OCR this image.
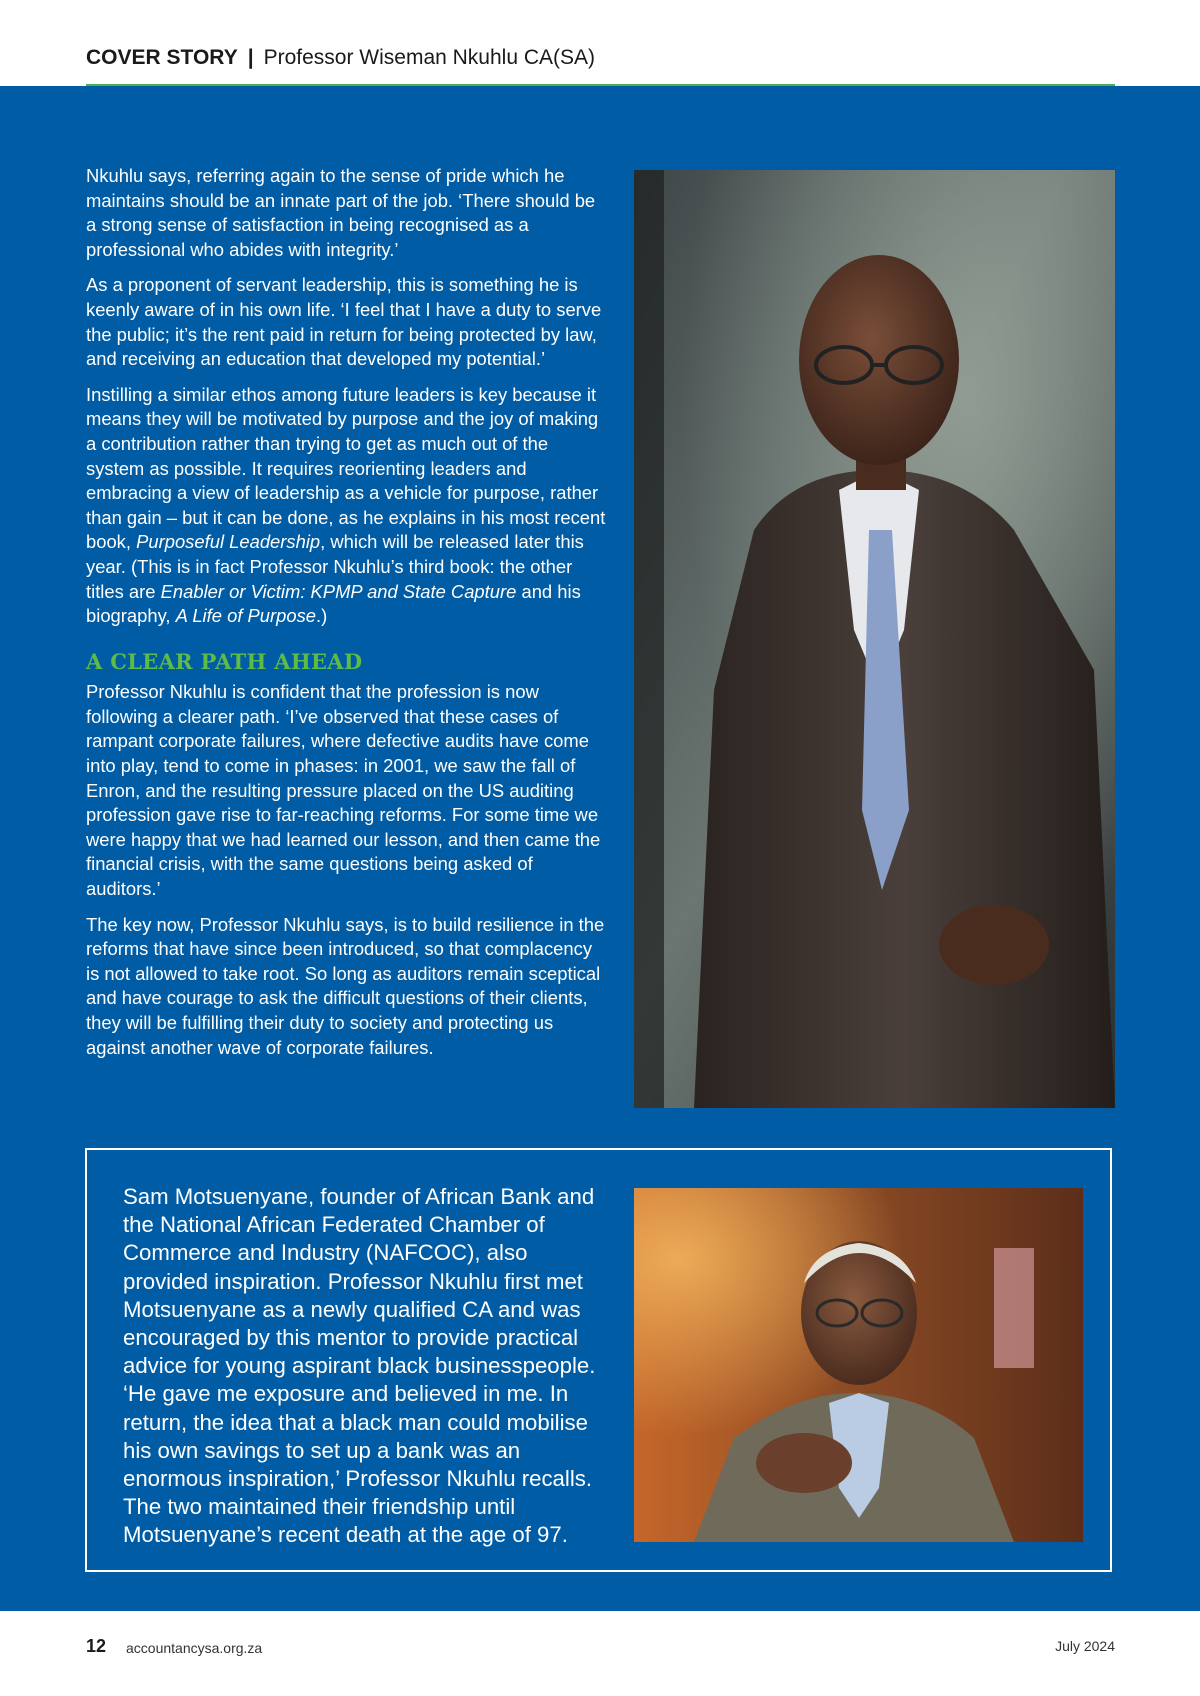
COVER STORY | Professor Wiseman Nkuhlu CA(SA)

Nkuhlu says, referring again to the sense of pride which he maintains should be an innate part of the job. ‘There should be a strong sense of satisfaction in being recognised as a professional who abides with integrity.’

As a proponent of servant leadership, this is something he is keenly aware of in his own life. ‘I feel that I have a duty to serve the public; it’s the rent paid in return for being protected by law, and receiving an education that developed my potential.’

Instilling a similar ethos among future leaders is key because it means they will be motivated by purpose and the joy of making a contribution rather than trying to get as much out of the system as possible. It requires reorienting leaders and embracing a view of leadership as a vehicle for purpose, rather than gain – but it can be done, as he explains in his most recent book, Purposeful Leadership, which will be released later this year. (This is in fact Professor Nkuhlu’s third book: the other titles are Enabler or Victim: KPMP and State Capture and his biography, A Life of Purpose.)

A CLEAR PATH AHEAD

Professor Nkuhlu is confident that the profession is now following a clearer path. ‘I’ve observed that these cases of rampant corporate failures, where defective audits have come into play, tend to come in phases: in 2001, we saw the fall of Enron, and the resulting pressure placed on the US auditing profession gave rise to far-reaching reforms. For some time we were happy that we had learned our lesson, and then came the financial crisis, with the same questions being asked of auditors.’

The key now, Professor Nkuhlu says, is to build resilience in the reforms that have since been introduced, so that complacency is not allowed to take root. So long as auditors remain sceptical and have courage to ask the difficult questions of their clients, they will be fulfilling their duty to society and protecting us against another wave of corporate failures.

Sam Motsuenyane, founder of African Bank and the National African Federated Chamber of Commerce and Industry (NAFCOC), also provided inspiration. Professor Nkuhlu first met Motsuenyane as a newly qualified CA and was encouraged by this mentor to provide practical advice for young aspirant black businesspeople. ‘He gave me exposure and believed in me. In return, the idea that a black man could mobilise his own savings to set up a bank was an enormous inspiration,’ Professor Nkuhlu recalls. The two maintained their friendship until Motsuenyane’s recent death at the age of 97.

12 accountancysa.org.za	July 2024
